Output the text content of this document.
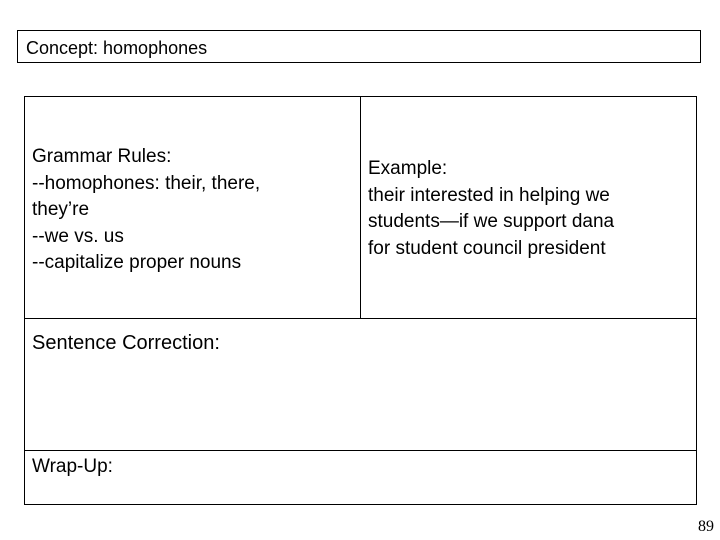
Concept: homophones
Grammar Rules:
--homophones: their, there,
they’re
--we vs. us
--capitalize proper nouns
Example:
their interested in helping we
students—if we support dana
for student council president
Sentence Correction:
Wrap-Up:
89
